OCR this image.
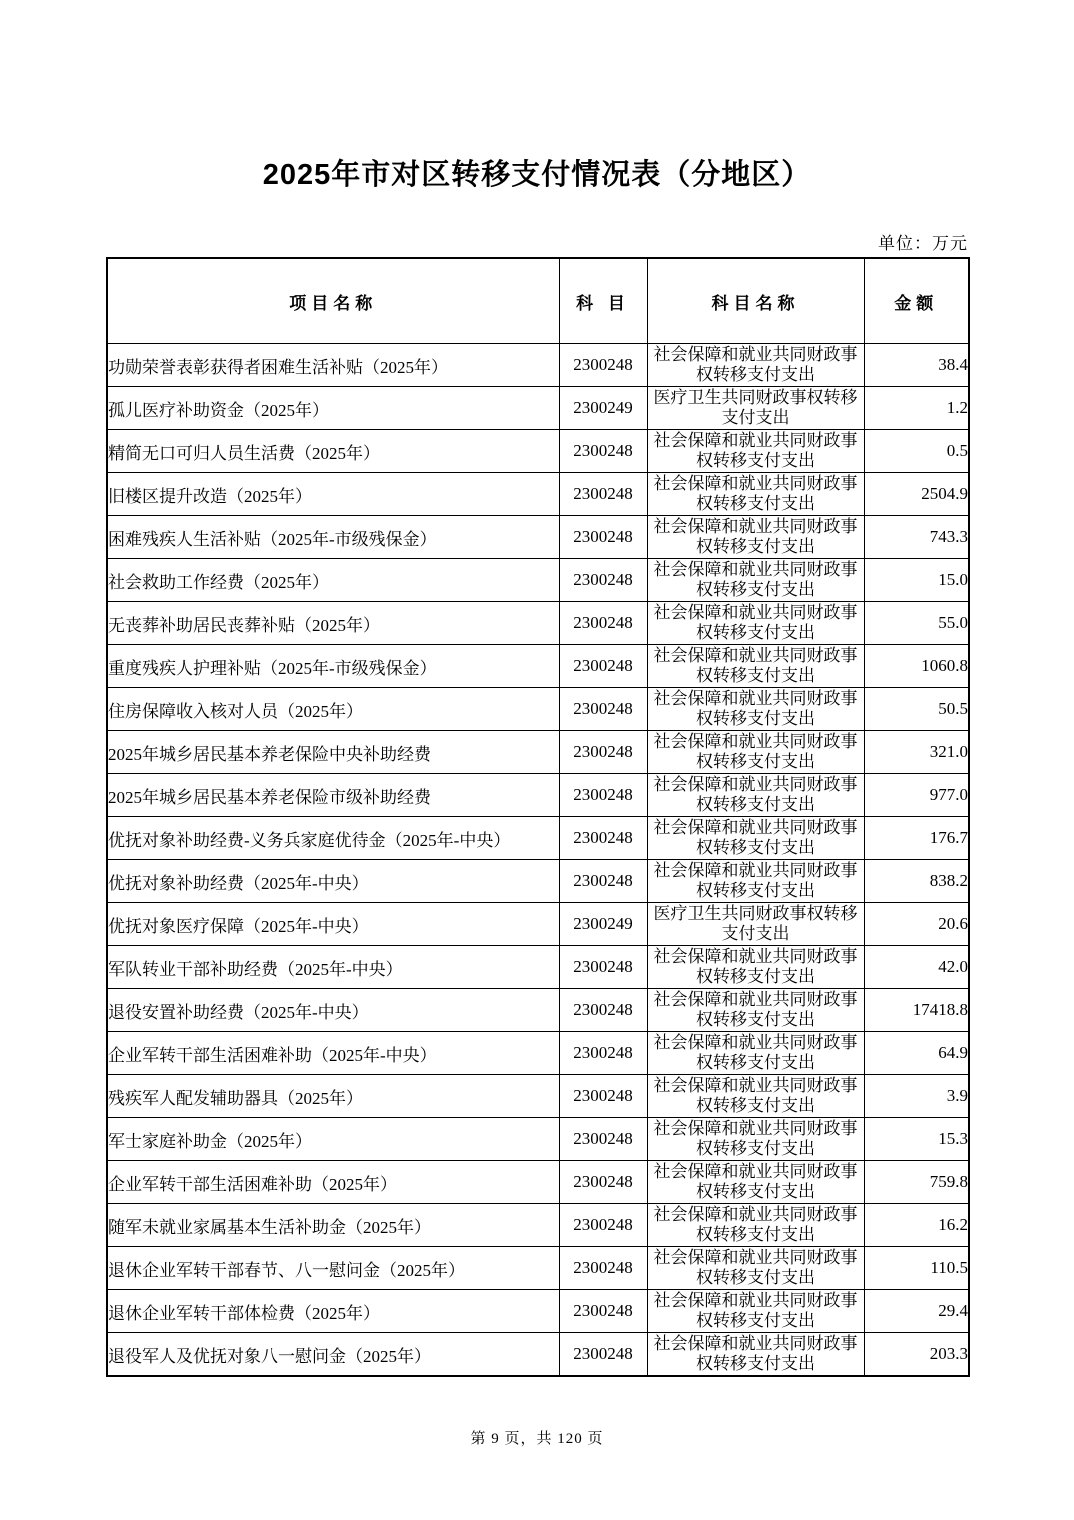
2025年市对区转移支付情况表（分地区）
单位：万元
项目名称	科 目	科目名称	金额
功勋荣誉表彰获得者困难生活补贴（2025年）	2300248	社会保障和就业共同财政事权转移支付支出	38.4
孤儿医疗补助资金（2025年）	2300249	医疗卫生共同财政事权转移支付支出	1.2
精简无口可归人员生活费（2025年）	2300248	社会保障和就业共同财政事权转移支付支出	0.5
旧楼区提升改造（2025年）	2300248	社会保障和就业共同财政事权转移支付支出	2504.9
困难残疾人生活补贴（2025年-市级残保金）	2300248	社会保障和就业共同财政事权转移支付支出	743.3
社会救助工作经费（2025年）	2300248	社会保障和就业共同财政事权转移支付支出	15.0
无丧葬补助居民丧葬补贴（2025年）	2300248	社会保障和就业共同财政事权转移支付支出	55.0
重度残疾人护理补贴（2025年-市级残保金）	2300248	社会保障和就业共同财政事权转移支付支出	1060.8
住房保障收入核对人员（2025年）	2300248	社会保障和就业共同财政事权转移支付支出	50.5
2025年城乡居民基本养老保险中央补助经费	2300248	社会保障和就业共同财政事权转移支付支出	321.0
2025年城乡居民基本养老保险市级补助经费	2300248	社会保障和就业共同财政事权转移支付支出	977.0
优抚对象补助经费-义务兵家庭优待金（2025年-中央）	2300248	社会保障和就业共同财政事权转移支付支出	176.7
优抚对象补助经费（2025年-中央）	2300248	社会保障和就业共同财政事权转移支付支出	838.2
优抚对象医疗保障（2025年-中央）	2300249	医疗卫生共同财政事权转移支付支出	20.6
军队转业干部补助经费（2025年-中央）	2300248	社会保障和就业共同财政事权转移支付支出	42.0
退役安置补助经费（2025年-中央）	2300248	社会保障和就业共同财政事权转移支付支出	17418.8
企业军转干部生活困难补助（2025年-中央）	2300248	社会保障和就业共同财政事权转移支付支出	64.9
残疾军人配发辅助器具（2025年）	2300248	社会保障和就业共同财政事权转移支付支出	3.9
军士家庭补助金（2025年）	2300248	社会保障和就业共同财政事权转移支付支出	15.3
企业军转干部生活困难补助（2025年）	2300248	社会保障和就业共同财政事权转移支付支出	759.8
随军未就业家属基本生活补助金（2025年）	2300248	社会保障和就业共同财政事权转移支付支出	16.2
退休企业军转干部春节、八一慰问金（2025年）	2300248	社会保障和就业共同财政事权转移支付支出	110.5
退休企业军转干部体检费（2025年）	2300248	社会保障和就业共同财政事权转移支付支出	29.4
退役军人及优抚对象八一慰问金（2025年）	2300248	社会保障和就业共同财政事权转移支付支出	203.3
第 9 页，共 120 页
